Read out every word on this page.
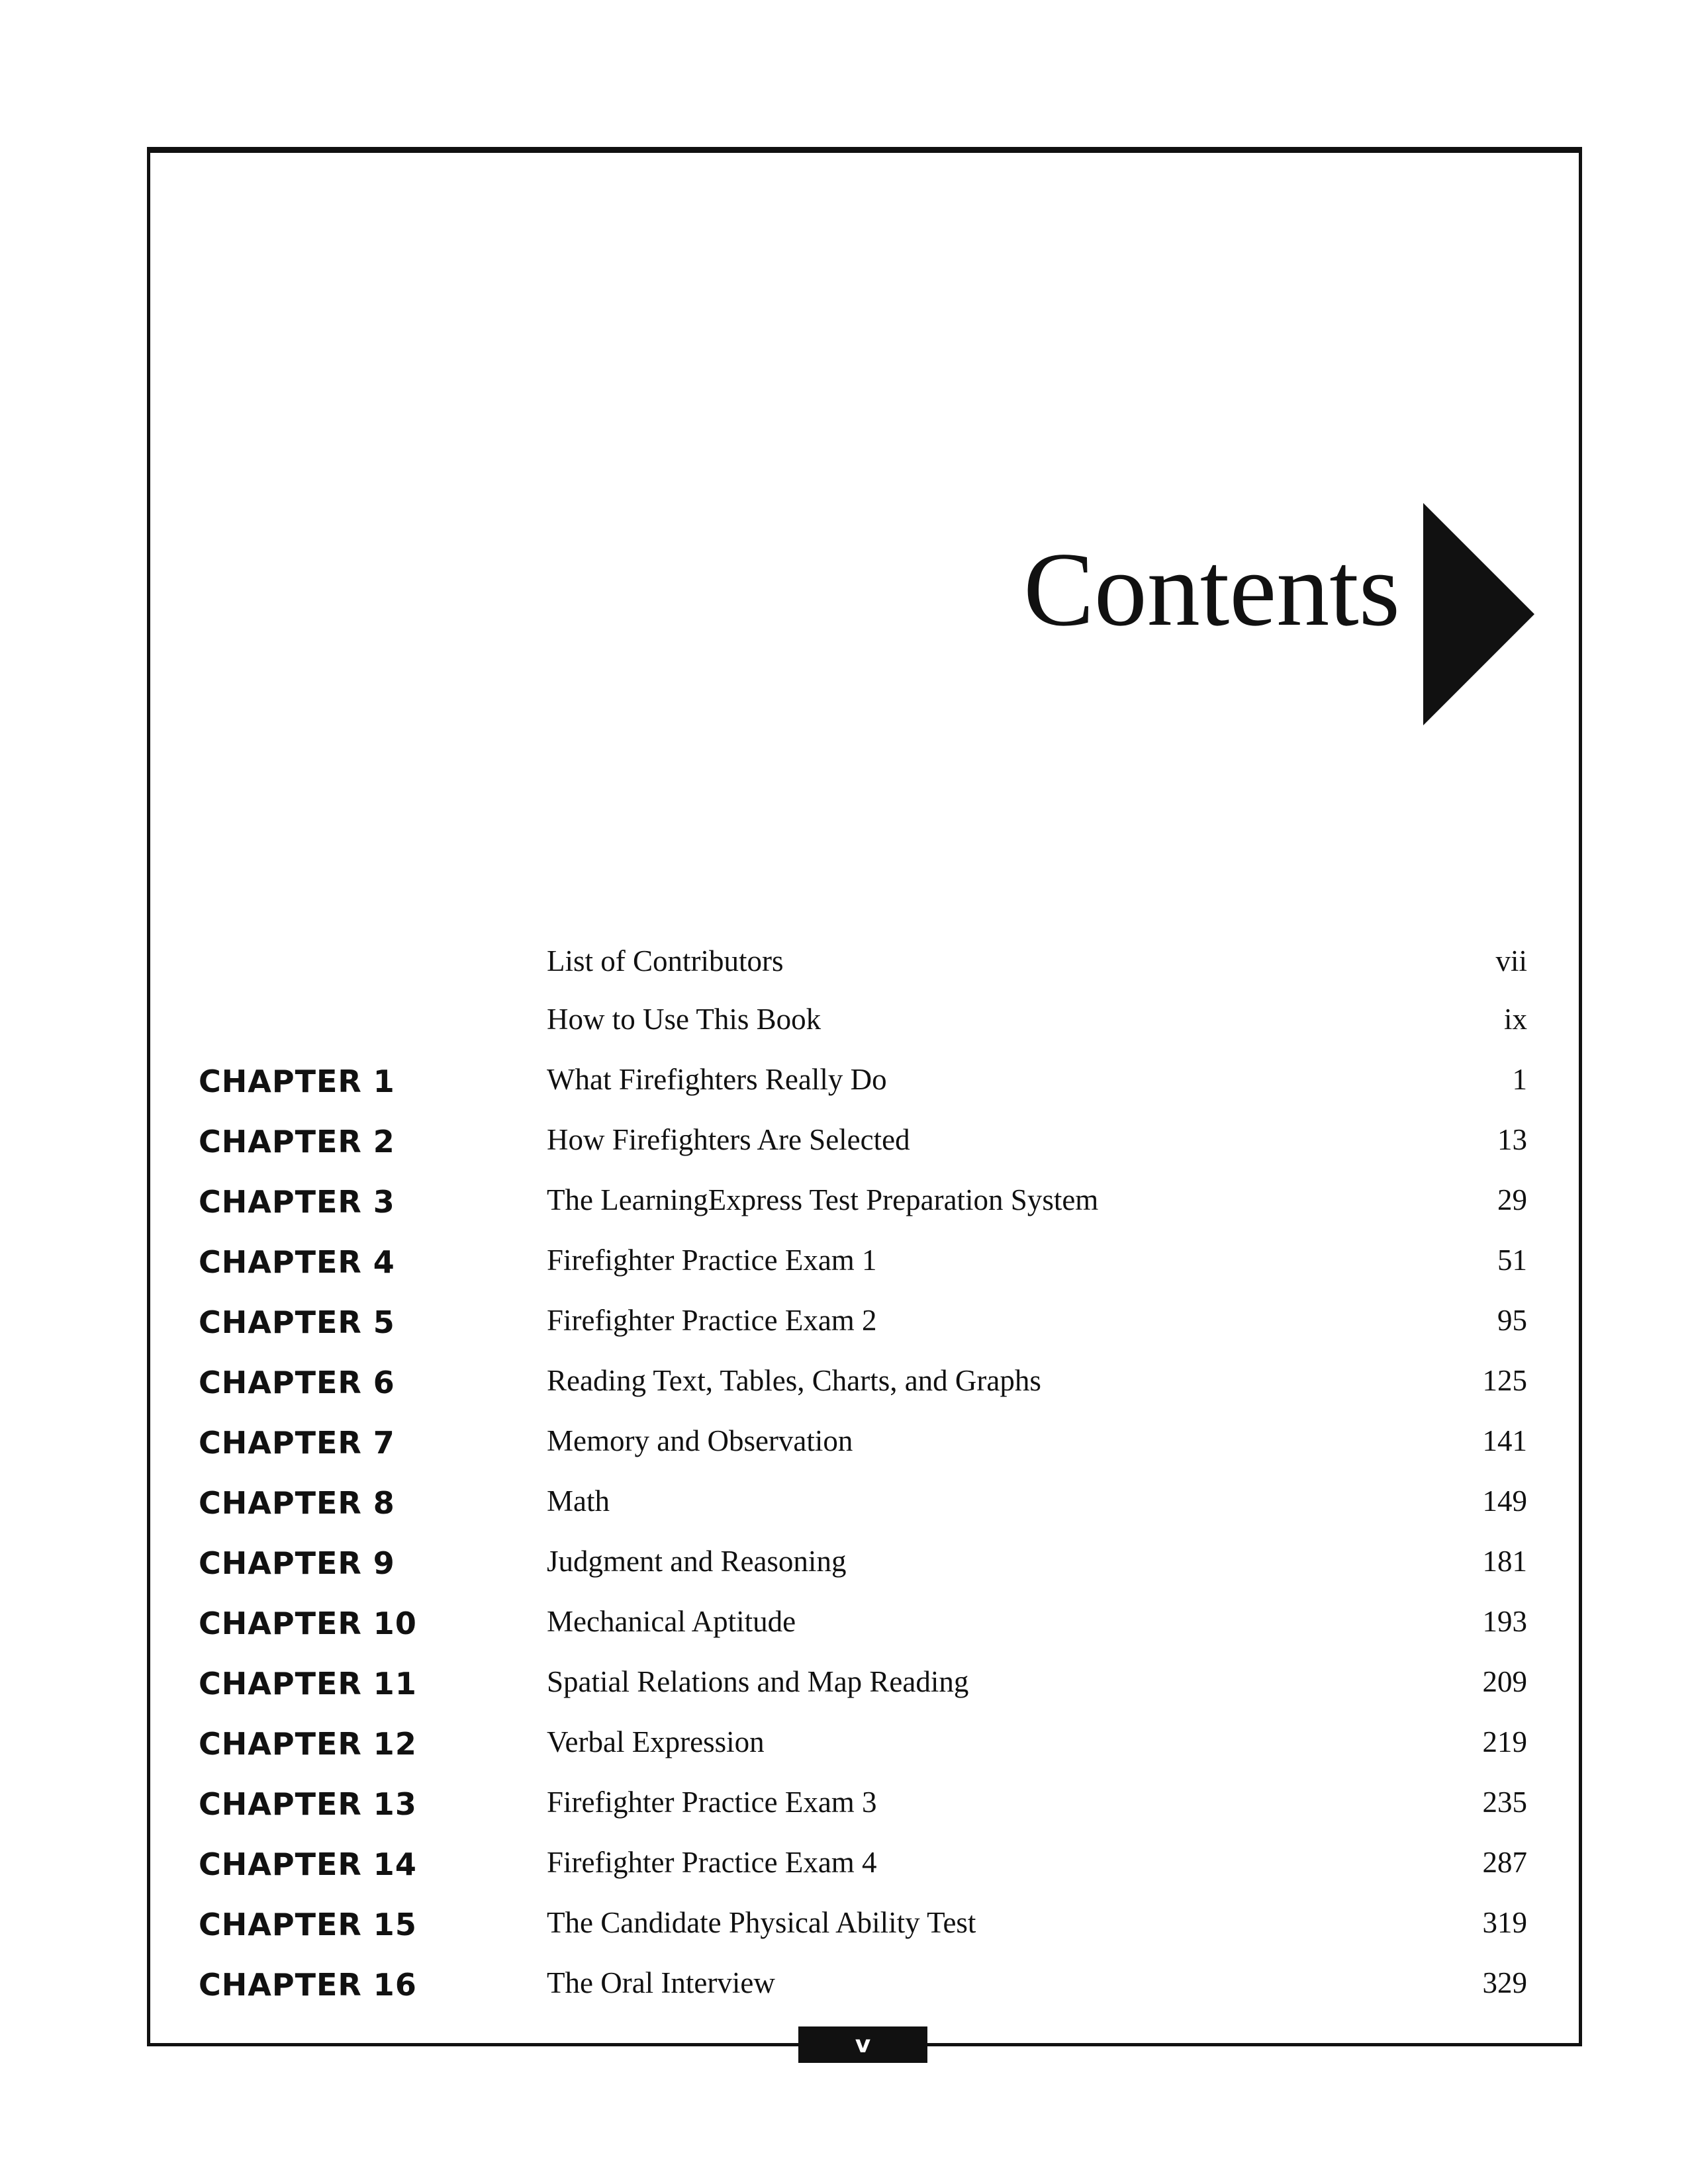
Contents
List of Contributors	vii
How to Use This Book	ix
CHAPTER 1	What Firefighters Really Do	1
CHAPTER 2	How Firefighters Are Selected	13
CHAPTER 3	The LearningExpress Test Preparation System	29
CHAPTER 4	Firefighter Practice Exam 1	51
CHAPTER 5	Firefighter Practice Exam 2	95
CHAPTER 6	Reading Text, Tables, Charts, and Graphs	125
CHAPTER 7	Memory and Observation	141
CHAPTER 8	Math	149
CHAPTER 9	Judgment and Reasoning	181
CHAPTER 10	Mechanical Aptitude	193
CHAPTER 11	Spatial Relations and Map Reading	209
CHAPTER 12	Verbal Expression	219
CHAPTER 13	Firefighter Practice Exam 3	235
CHAPTER 14	Firefighter Practice Exam 4	287
CHAPTER 15	The Candidate Physical Ability Test	319
CHAPTER 16	The Oral Interview	329
v
